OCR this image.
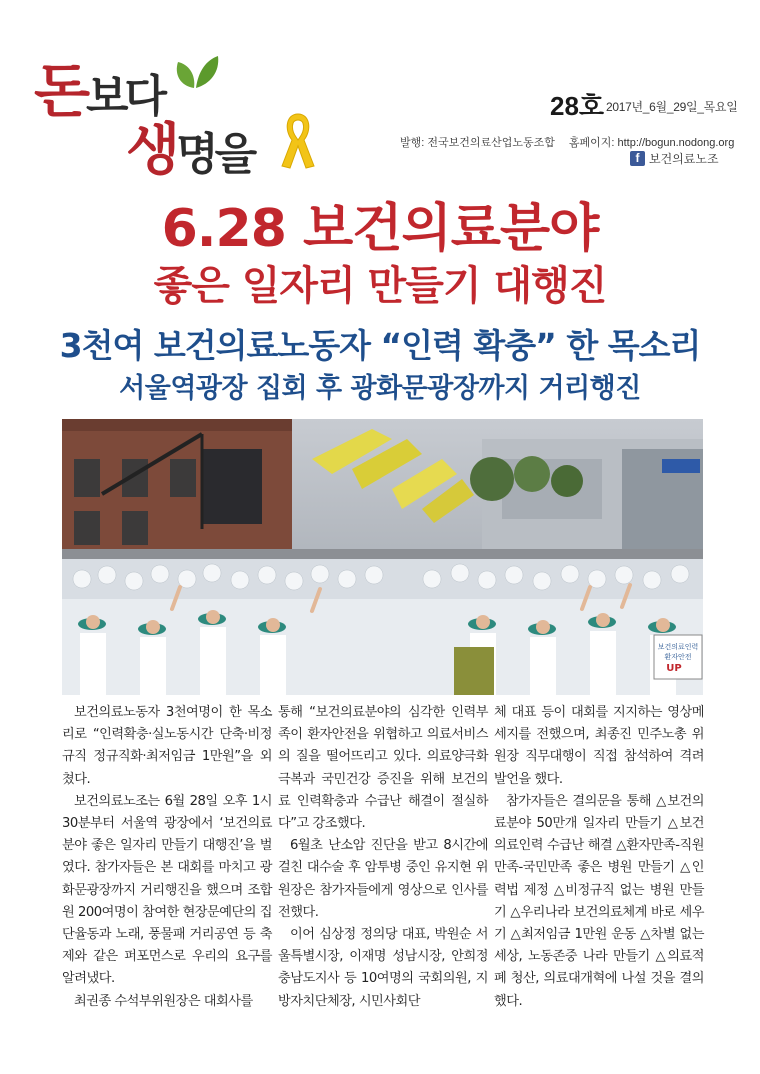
돈보다
생명을
28호 2017년_6월_29일_목요일
발행: 전국보건의료산업노동조합 홈페이지: http://bogun.nodong.org
f 보건의료노조
6.28 보건의료분야
좋은 일자리 만들기 대행진
3천여 보건의료노동자 “인력 확충” 한 목소리
서울역광장 집회 후 광화문광장까지 거리행진
보건의료인력
환자안전
UP

보건의료노동자 3천여명이 한 목소리로 “인력확충·실노동시간 단축·비정규직 정규직화·최저임금 1만원”을 외쳤다.

보건의료노조는 6월 28일 오후 1시 30분부터 서울역 광장에서 ‘보건의료분야 좋은 일자리 만들기 대행진’을 벌였다. 참가자들은 본 대회를 마치고 광화문광장까지 거리행진을 했으며 조합원 200여명이 참여한 현장문예단의 집단율동과 노래, 풍물패 거리공연 등 축제와 같은 퍼포먼스로 우리의 요구를 알려냈다.

최권종 수석부위원장은 대회사를

통해 “보건의료분야의 심각한 인력부족이 환자안전을 위협하고 의료서비스의 질을 떨어뜨리고 있다. 의료양극화 극복과 국민건강 증진을 위해 보건의료 인력확충과 수급난 해결이 절실하다”고 강조했다.

6월초 난소암 진단을 받고 8시간에 걸친 대수술 후 암투병 중인 유지현 위원장은 참가자들에게 영상으로 인사를 전했다.

이어 심상정 정의당 대표, 박원순 서울특별시장, 이재명 성남시장, 안희정 충남도지사 등 10여명의 국회의원, 지방자치단체장, 시민사회단

체 대표 등이 대회를 지지하는 영상메세지를 전했으며, 최종진 민주노총 위원장 직무대행이 직접 참석하여 격려발언을 했다.

참가자들은 결의문을 통해 △보건의료분야 50만개 일자리 만들기 △보건의료인력 수급난 해결 △환자만족-직원만족-국민만족 좋은 병원 만들기 △인력법 제정 △비정규직 없는 병원 만들기 △우리나라 보건의료체계 바로 세우기 △최저임금 1만원 운동 △차별 없는 세상, 노동존중 나라 만들기 △의료적폐 청산, 의료대개혁에 나설 것을 결의했다.
